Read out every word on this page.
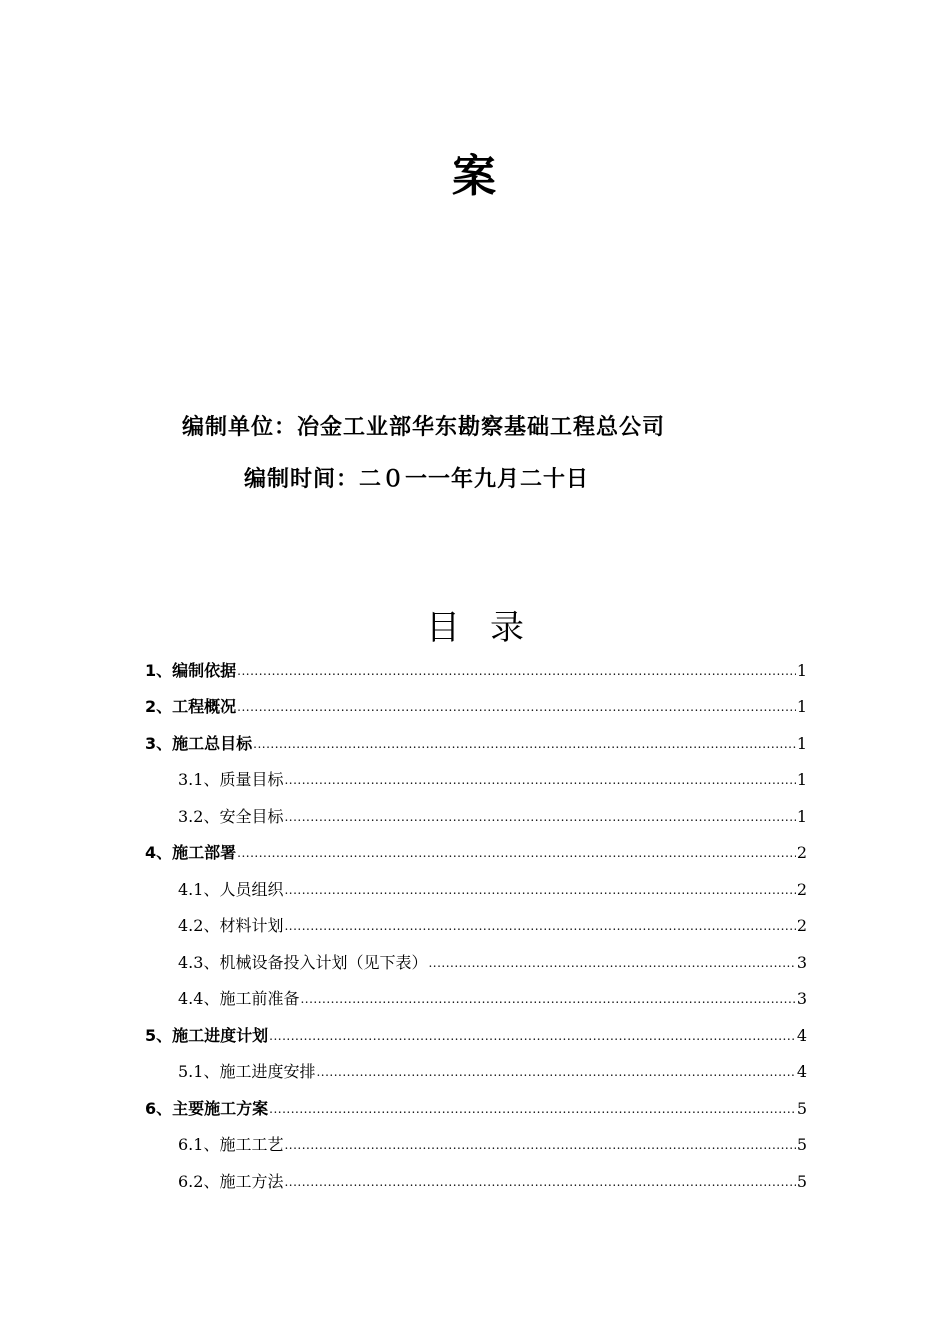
案
编制单位：冶金工业部华东勘察基础工程总公司
编制时间：二０一一年九月二十日
目录
1、编制依据 .....	1
2、工程概况 .....	1
3、施工总目标 .....	1
3.1、质量目标 .....	1
3.2、安全目标 .....	1
4、施工部署 .....	2
4.1、人员组织 .....	2
4.2、材料计划 .....	2
4.3、机械设备投入计划（见下表） .....	3
4.4、施工前准备 .....	3
5、施工进度计划 .....	4
5.1、施工进度安排 .....	4
6、主要施工方案 .....	5
6.1、施工工艺 .....	5
6.2、施工方法 .....	5
